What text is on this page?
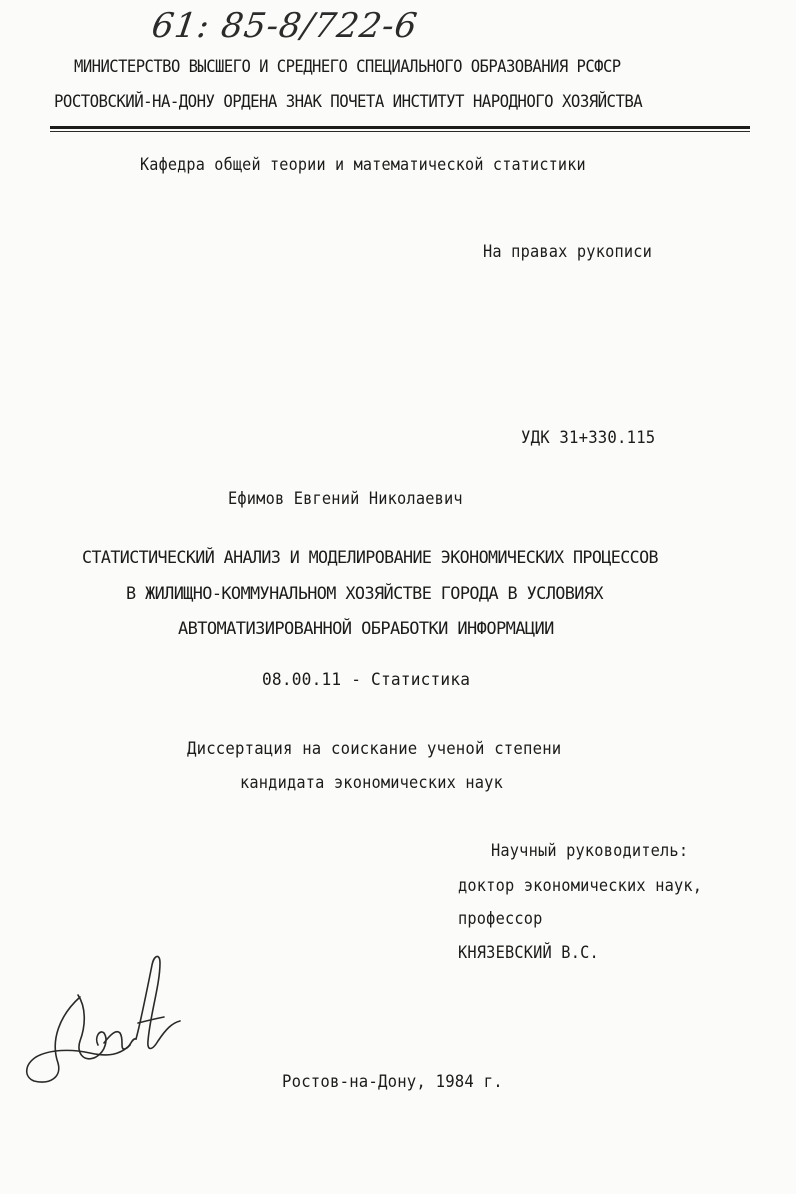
61: 85-8/722-6
МИНИСТЕРСТВО ВЫСШЕГО И СРЕДНЕГО СПЕЦИАЛЬНОГО ОБРАЗОВАНИЯ РСФСР
РОСТОВСКИЙ-НА-ДОНУ ОРДЕНА ЗНАК ПОЧЕТА ИНСТИТУТ НАРОДНОГО ХОЗЯЙСТВА
Кафедра общей теории и математической статистики
На правах рукописи
УДК 31+330.115
Ефимов Евгений Николаевич
СТАТИСТИЧЕСКИЙ АНАЛИЗ И МОДЕЛИРОВАНИЕ ЭКОНОМИЧЕСКИХ ПРОЦЕССОВ
В ЖИЛИЩНО-КОММУНАЛЬНОМ ХОЗЯЙСТВЕ ГОРОДА В УСЛОВИЯХ
АВТОМАТИЗИРОВАННОЙ ОБРАБОТКИ ИНФОРМАЦИИ
08.00.11 - Статистика
Диссертация на соискание ученой степени
кандидата экономических наук
Научный руководитель:
доктор экономических наук,
профессор
КНЯЗЕВСКИЙ В.С.
Ростов-на-Дону, 1984 г.
